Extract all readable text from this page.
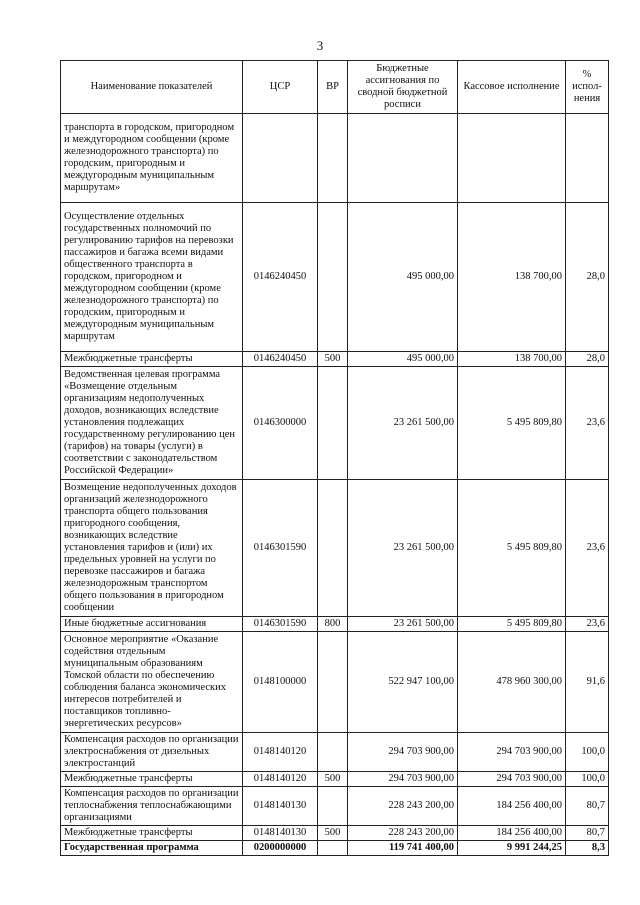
3
Наименование показателей	ЦСР	ВР	Бюджетные ассигнования по сводной бюджетной росписи	Кассовое исполнение	% испол-нения
транспорта в городском, пригородном и междугородном сообщении (кроме железнодорожного транспорта) по городским, пригородным и междугородным муниципальным маршрутам»					
Осуществление отдельных государственных полномочий по регулированию тарифов на перевозки пассажиров и багажа всеми видами общественного транспорта в городском, пригородном и междугородном сообщении (кроме железнодорожного транспорта) по городским, пригородным и междугородным муниципальным маршрутам	0146240450		495 000,00	138 700,00	28,0
Межбюджетные трансферты	0146240450	500	495 000,00	138 700,00	28,0
Ведомственная целевая программа «Возмещение отдельным организациям недополученных доходов, возникающих вследствие установления подлежащих государственному регулированию цен (тарифов) на товары (услуги) в соответствии с законодательством Российской Федерации»	0146300000		23 261 500,00	5 495 809,80	23,6
Возмещение недополученных доходов организаций железнодорожного транспорта общего пользования пригородного сообщения, возникающих вследствие установления тарифов и (или) их предельных уровней на услуги по перевозке пассажиров и багажа железнодорожным транспортом общего пользования в пригородном сообщении	0146301590		23 261 500,00	5 495 809,80	23,6
Иные бюджетные ассигнования	0146301590	800	23 261 500,00	5 495 809,80	23,6
Основное мероприятие «Оказание содействия отдельным муниципальным образованиям Томской области по обеспечению соблюдения баланса экономических интересов потребителей и поставщиков топливно-энергетических ресурсов»	0148100000		522 947 100,00	478 960 300,00	91,6
Компенсация расходов по организации электроснабжения от дизельных электростанций	0148140120		294 703 900,00	294 703 900,00	100,0
Межбюджетные трансферты	0148140120	500	294 703 900,00	294 703 900,00	100,0
Компенсация расходов по организации теплоснабжения теплоснабжающими организациями	0148140130		228 243 200,00	184 256 400,00	80,7
Межбюджетные трансферты	0148140130	500	228 243 200,00	184 256 400,00	80,7
Государственная программа	0200000000		119 741 400,00	9 991 244,25	8,3
